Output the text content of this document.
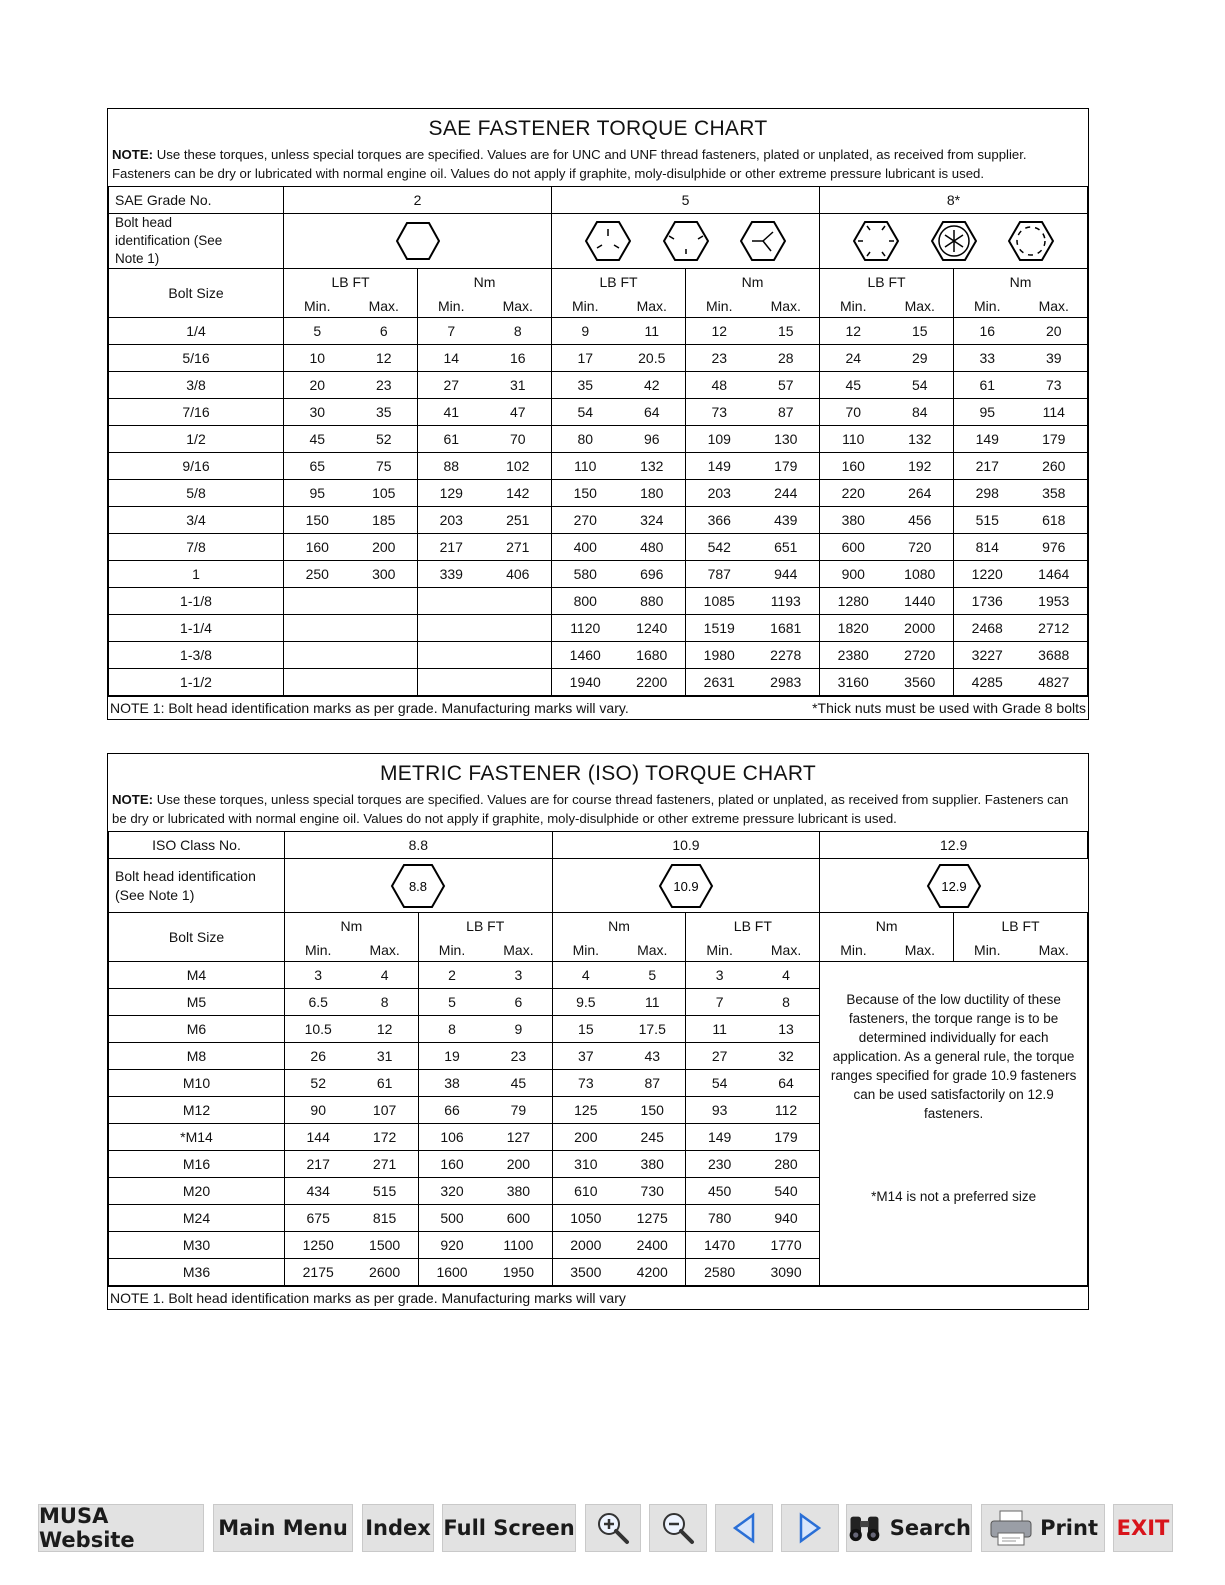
SAE FASTENER TORQUE CHART
NOTE: Use these torques, unless special torques are specified. Values are for UNC and UNF thread fasteners, plated or unplated, as received from supplier. Fasteners can be dry or lubricated with normal engine oil. Values do not apply if graphite, moly-disulphide or other extreme pressure lubricant is used.
SAE Grade No.	2				5				8*			
Bolt head identification (See Note 1)			
Bolt Size	LB FT		Nm		LB FT		Nm		LB FT		Nm	
	Min.	Max.	Min.	Max.	Min.	Max.	Min.	Max.	Min.	Max.	Min.	Max.
1/4	5	6	7	8	9	11	12	15	12	15	16	20
5/16	10	12	14	16	17	20.5	23	28	24	29	33	39
3/8	20	23	27	31	35	42	48	57	45	54	61	73
7/16	30	35	41	47	54	64	73	87	70	84	95	114
1/2	45	52	61	70	80	96	109	130	110	132	149	179
9/16	65	75	88	102	110	132	149	179	160	192	217	260
5/8	95	105	129	142	150	180	203	244	220	264	298	358
3/4	150	185	203	251	270	324	366	439	380	456	515	618
7/8	160	200	217	271	400	480	542	651	600	720	814	976
1	250	300	339	406	580	696	787	944	900	1080	1220	1464
1-1/8					800	880	1085	1193	1280	1440	1736	1953
1-1/4					1120	1240	1519	1681	1820	2000	2468	2712
1-3/8					1460	1680	1980	2278	2380	2720	3227	3688
1-1/2					1940	2200	2631	2983	3160	3560	4285	4827
NOTE 1: Bolt head identification marks as per grade. Manufacturing marks will vary.	*Thick nuts must be used with Grade 8 bolts
METRIC FASTENER (ISO) TORQUE CHART
NOTE: Use these torques, unless special torques are specified. Values are for course thread fasteners, plated or unplated, as received from supplier. Fasteners can be dry or lubricated with normal engine oil. Values do not apply if graphite, moly-disulphide or other extreme pressure lubricant is used.
ISO Class No.	8.8				10.9				12.9			
Bolt head identification (See Note 1)	8.8				10.9				12.9			

Bolt Size	Nm		LB FT		Nm		LB FT		Nm		LB FT	
	Min.	Max.	Min.	Max.	Min.	Max.	Min.	Max.	Min.	Max.	Min.	Max.
M4	3	4	2	3	4	5	3	4	Because of the low ductility of these fasteners, the torque range is to be determined individually for each application. As a general rule, the torque ranges specified for grade 10.9 fasteners can be used satisfactorily on 12.9 fasteners.

*M14 is not a preferred size			

M5	6.5	8	5	6	9.5	11	7	8				
M6	10.5	12	8	9	15	17.5	11	13				
M8	26	31	19	23	37	43	27	32				
M10	52	61	38	45	73	87	54	64				
M12	90	107	66	79	125	150	93	112				
*M14	144	172	106	127	200	245	149	179				
M16	217	271	160	200	310	380	230	280				
M20	434	515	320	380	610	730	450	540				
M24	675	815	500	600	1050	1275	780	940				
M30	1250	1500	920	1100	2000	2400	1470	1770				
M36	2175	2600	1600	1950	3500	4200	2580	3090				
NOTE 1. Bolt head identification marks as per grade. Manufacturing marks will vary
MUSA Website	Main Menu Index Full Screen	Search	Print EXIT
